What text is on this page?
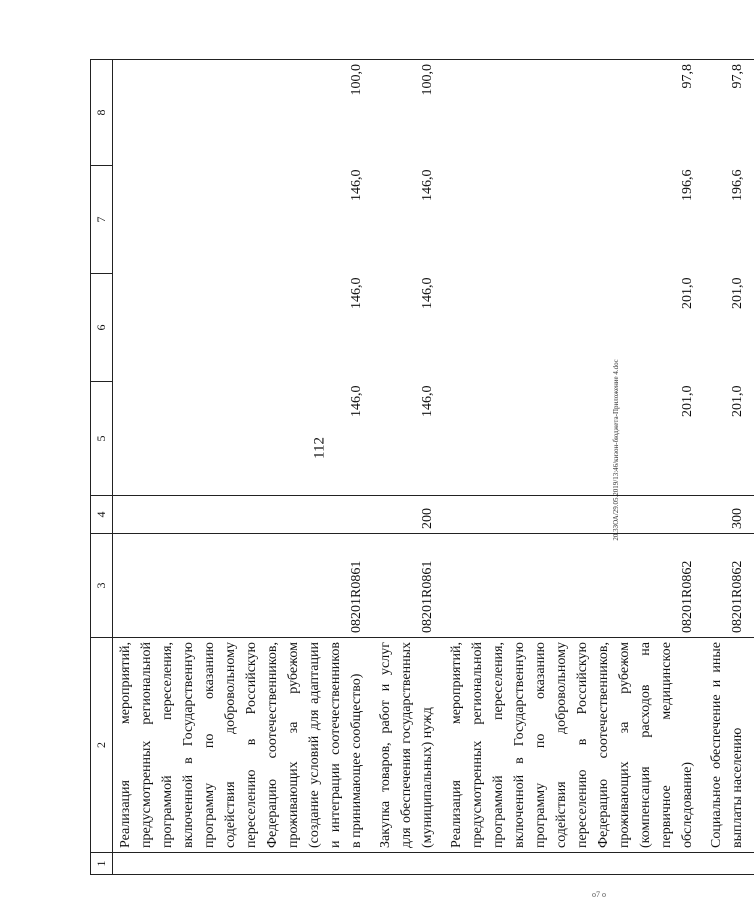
112	20.3ЗОА/29.05.2019/13:46/кизон-бюджета-Приложение 4.doc
о7 о
1	2	3	4	5	6	7	8
	Реализация мероприятий, предусмотренных региональной программой переселения, включенной в Государственную программу по оказанию содействия добровольному переселению в Российскую Федерацию соотечественников, проживающих за рубежом (создание условий для адаптации и интеграции соотечественников в принимающее сообщество)	08201R0861		146,0	146,0	146,0	100,0
	Закупка товаров, работ и услуг для обеспечения государственных (муниципальных) нужд	08201R0861	200	146,0	146,0	146,0	100,0
	Реализация мероприятий, предусмотренных региональной программой переселения, включенной в Государственную программу по оказанию содействия добровольному переселению в Российскую Федерацию соотечественников, проживающих за рубежом (компенсация расходов на первичное медицинское обследование)	08201R0862		201,0	201,0	196,6	97,8
	Социальное обеспечение и иные выплаты населению	08201R0862	300	201,0	201,0	196,6	97,8
